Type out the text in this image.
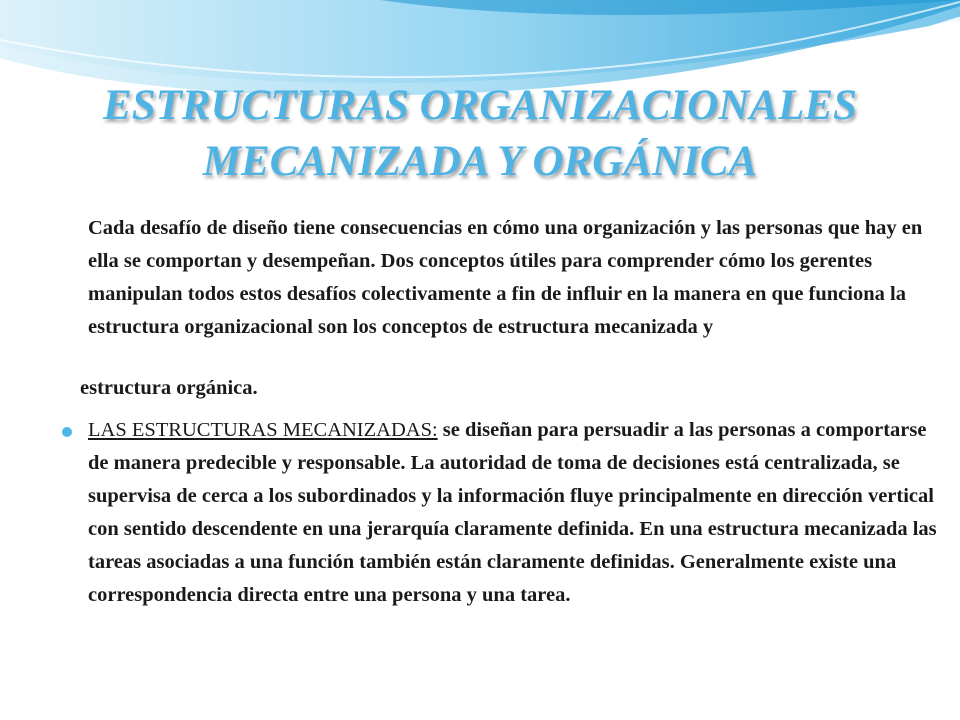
ESTRUCTURAS ORGANIZACIONALES
MECANIZADA Y ORGÁNICA
Cada desafío de diseño tiene consecuencias en cómo una organización y las personas que hay en ella se comportan y desempeñan. Dos conceptos útiles para comprender cómo los gerentes manipulan todos estos desafíos colectivamente a fin de influir en la manera en que funciona la estructura organizacional son los conceptos de estructura mecanizada y
estructura orgánica.
LAS ESTRUCTURAS MECANIZADAS: se diseñan para persuadir a las personas a comportarse de manera predecible y responsable. La autoridad de toma de decisiones está centralizada, se supervisa de cerca a los subordinados y la información fluye principalmente en dirección vertical con sentido descendente en una jerarquía claramente definida. En una estructura mecanizada las tareas asociadas a una función también están claramente definidas. Generalmente existe una correspondencia directa entre una persona y una tarea.
